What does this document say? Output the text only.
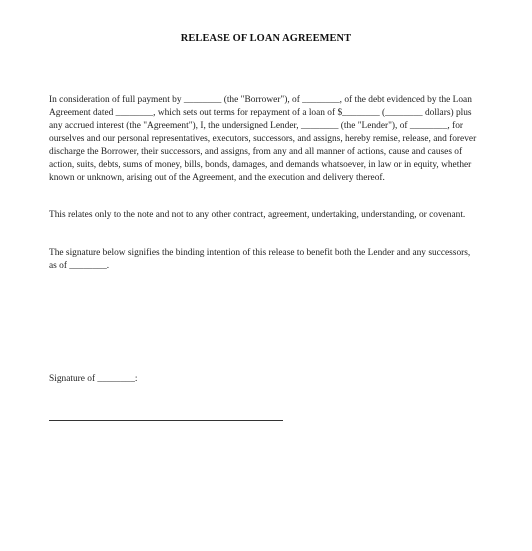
RELEASE OF LOAN AGREEMENT

In consideration of full payment by ________ (the "Borrower"), of ________, of the debt evidenced by the Loan Agreement dated ________, which sets out terms for repayment of a loan of $________ (________ dollars) plus any accrued interest (the "Agreement"), I, the undersigned Lender, ________ (the "Lender"), of ________, for ourselves and our personal representatives, executors, successors, and assigns, hereby remise, release, and forever discharge the Borrower, their successors, and assigns, from any and all manner of actions, cause and causes of action, suits, debts, sums of money, bills, bonds, damages, and demands whatsoever, in law or in equity, whether known or unknown, arising out of the Agreement, and the execution and delivery thereof.

This relates only to the note and not to any other contract, agreement, undertaking, understanding, or covenant.

The signature below signifies the binding intention of this release to benefit both the Lender and any successors, as of ________.

Signature of ________:
